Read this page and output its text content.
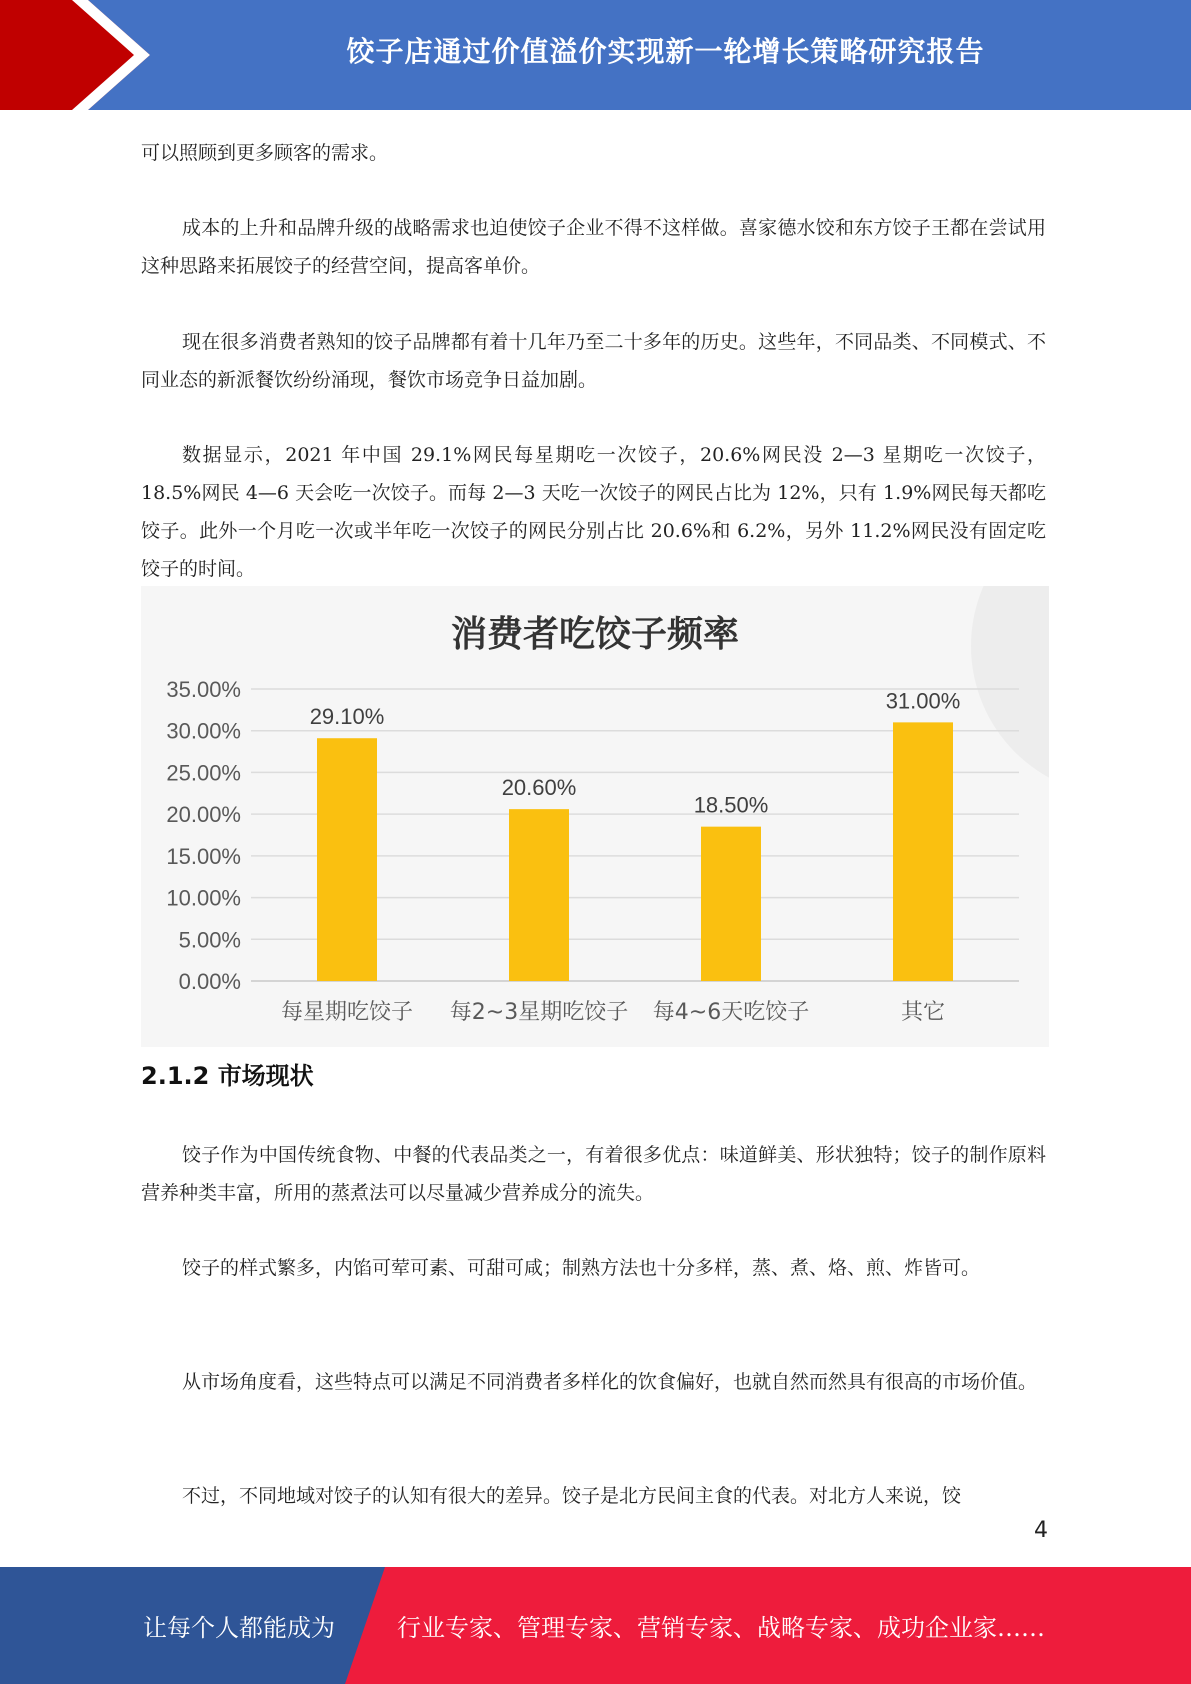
饺子店通过价值溢价实现新一轮增长策略研究报告

可以照顾到更多顾客的需求。

成本的上升和品牌升级的战略需求也迫使饺子企业不得不这样做。喜家德水饺和东方饺子王都在尝试用这种思路来拓展饺子的经营空间，提高客单价。

现在很多消费者熟知的饺子品牌都有着十几年乃至二十多年的历史。这些年，不同品类、不同模式、不同业态的新派餐饮纷纷涌现，餐饮市场竞争日益加剧。

数据显示，2021 年中国 29.1%网民每星期吃一次饺子，20.6%网民没 2—3 星期吃一次饺子，18.5%网民 4—6 天会吃一次饺子。而每 2—3 天吃一次饺子的网民占比为 12%，只有 1.9%网民每天都吃饺子。此外一个月吃一次或半年吃一次饺子的网民分别占比 20.6%和 6.2%，另外 11.2%网民没有固定吃饺子的时间。

0.00%
5.00%
10.00%
15.00%
20.00%
25.00%
30.00%
35.00%
29.10%
每星期吃饺子
20.60%
每2~3星期吃饺子
18.50%
每4~6天吃饺子
31.00%
其它
消费者吃饺子频率
2.1.2 市场现状

饺子作为中国传统食物、中餐的代表品类之一，有着很多优点：味道鲜美、形状独特；饺子的制作原料营养种类丰富，所用的蒸煮法可以尽量减少营养成分的流失。

饺子的样式繁多，内馅可荤可素、可甜可咸；制熟方法也十分多样，蒸、煮、烙、煎、炸皆可。

从市场角度看，这些特点可以满足不同消费者多样化的饮食偏好，也就自然而然具有很高的市场价值。

不过，不同地域对饺子的认知有很大的差异。饺子是北方民间主食的代表。对北方人来说，饺

4
让每个人都能成为	行业专家、管理专家、营销专家、战略专家、成功企业家……
